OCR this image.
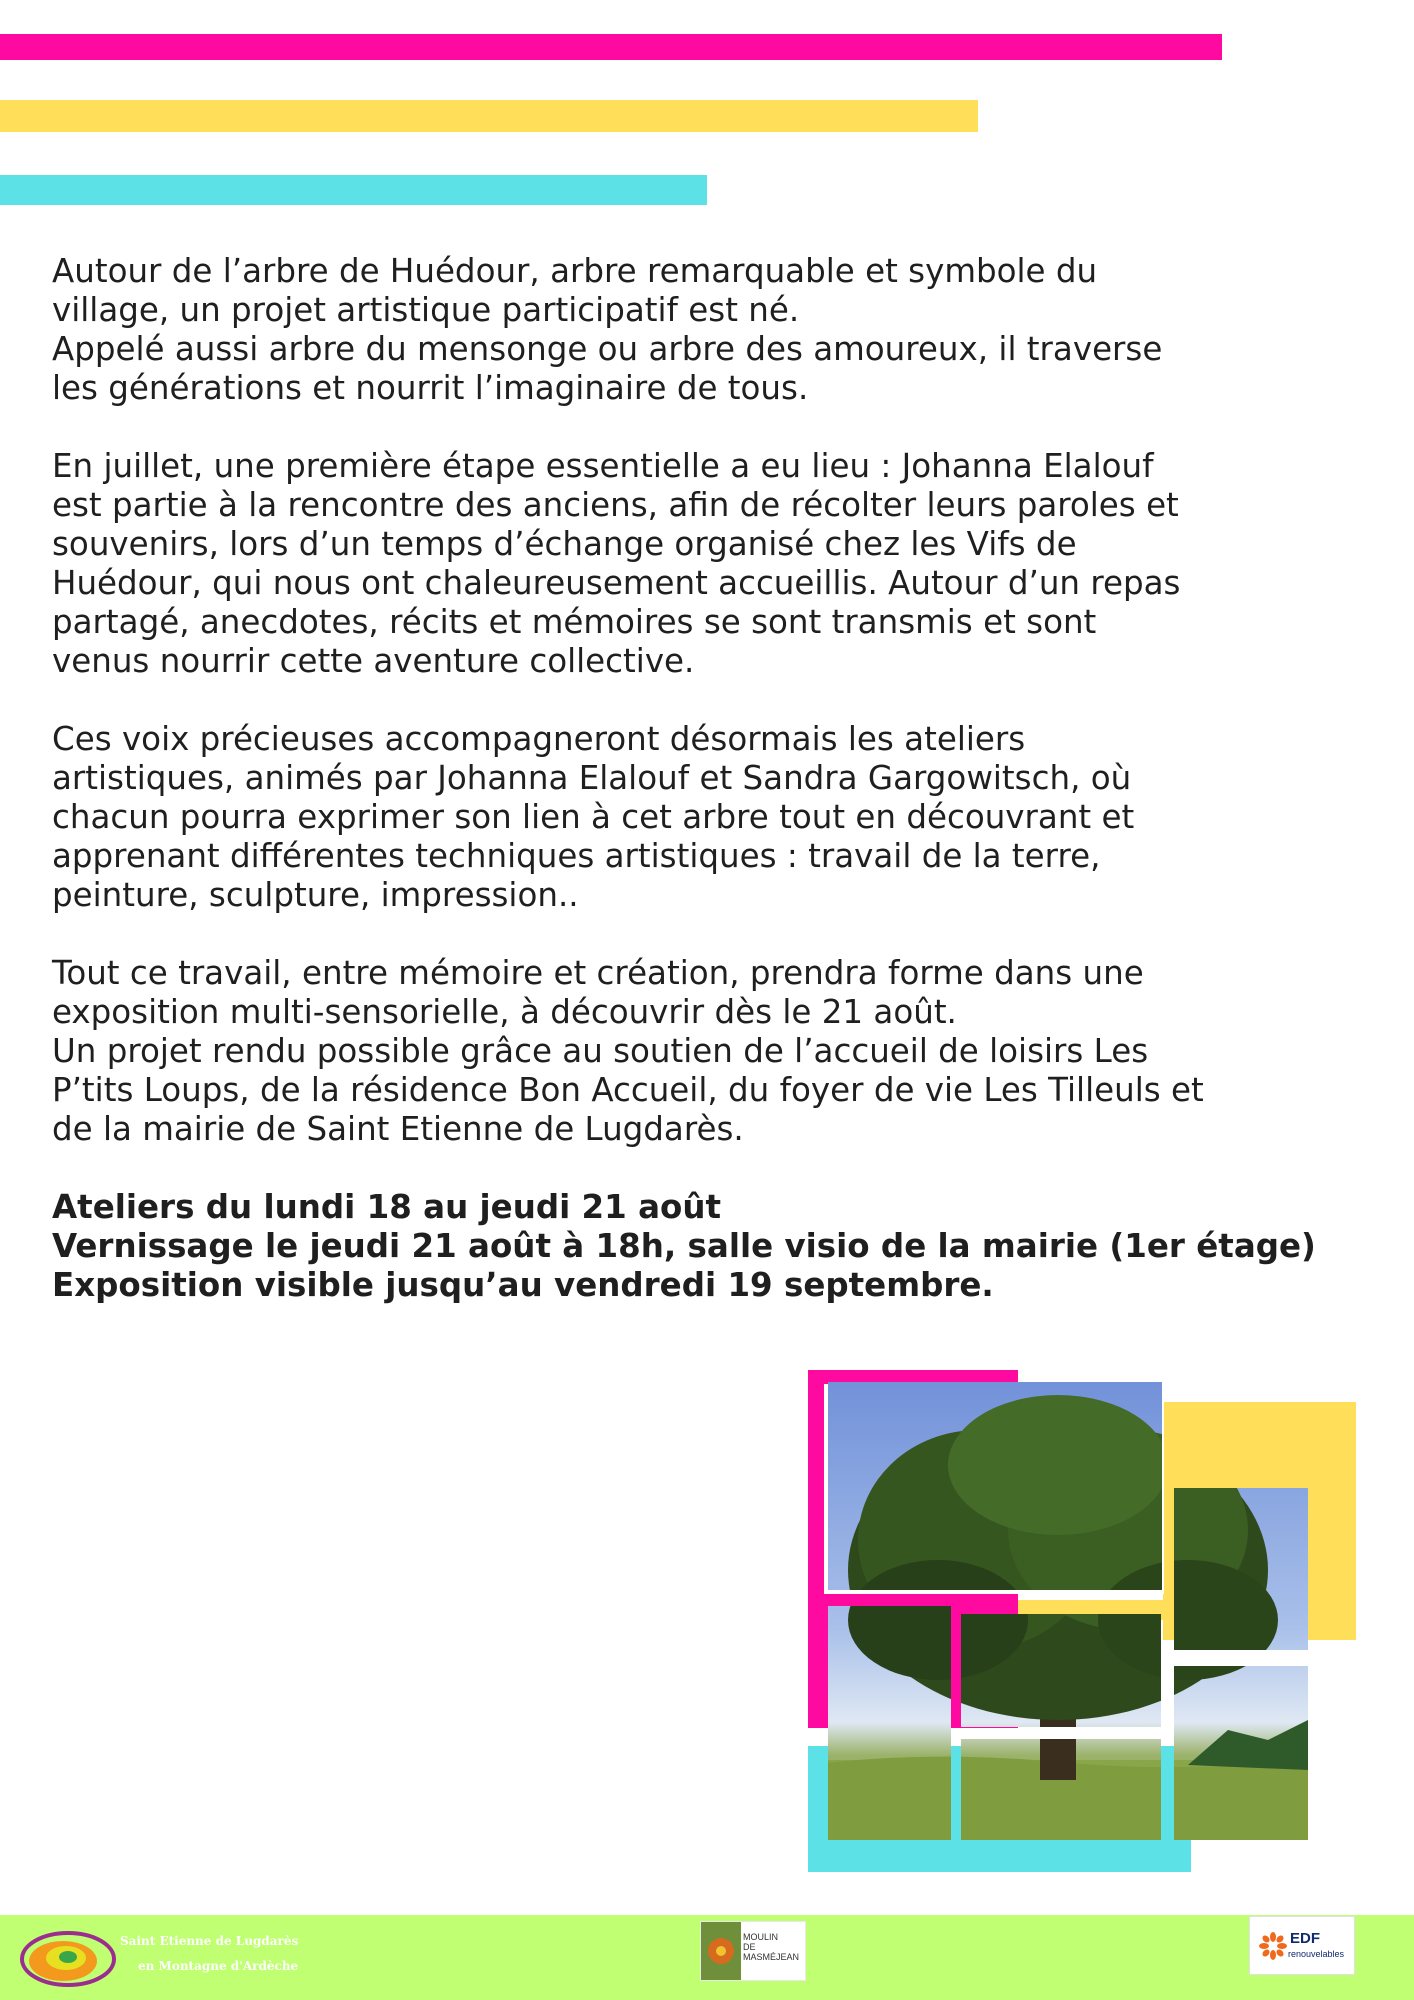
Autour de l’arbre de Huédour, arbre remarquable et symbole du
village, un projet artistique participatif est né.
Appelé aussi arbre du mensonge ou arbre des amoureux, il traverse
les générations et nourrit l’imaginaire de tous.

En juillet, une première étape essentielle a eu lieu : Johanna Elalouf
est partie à la rencontre des anciens, afin de récolter leurs paroles et
souvenirs, lors d’un temps d’échange organisé chez les Vifs de
Huédour, qui nous ont chaleureusement accueillis. Autour d’un repas
partagé, anecdotes, récits et mémoires se sont transmis et sont
venus nourrir cette aventure collective.

Ces voix précieuses accompagneront désormais les ateliers
artistiques, animés par Johanna Elalouf et Sandra Gargowitsch, où
chacun pourra exprimer son lien à cet arbre tout en découvrant et
apprenant différentes techniques artistiques : travail de la terre,
peinture, sculpture, impression..

Tout ce travail, entre mémoire et création, prendra forme dans une
exposition multi-sensorielle, à découvrir dès le 21 août.
Un projet rendu possible grâce au soutien de l’accueil de loisirs Les
P’tits Loups, de la résidence Bon Accueil, du foyer de vie Les Tilleuls et
de la mairie de Saint Etienne de Lugdarès.

Ateliers du lundi 18 au jeudi 21 août
Vernissage le jeudi 21 août à 18h, salle visio de la mairie (1er étage)
Exposition visible jusqu’au vendredi 19 septembre.
Saint Etienne de Lugdarès
en Montagne d'Ardèche
MOULIN
DE
MASMÉJEAN
EDF
renouvelables
